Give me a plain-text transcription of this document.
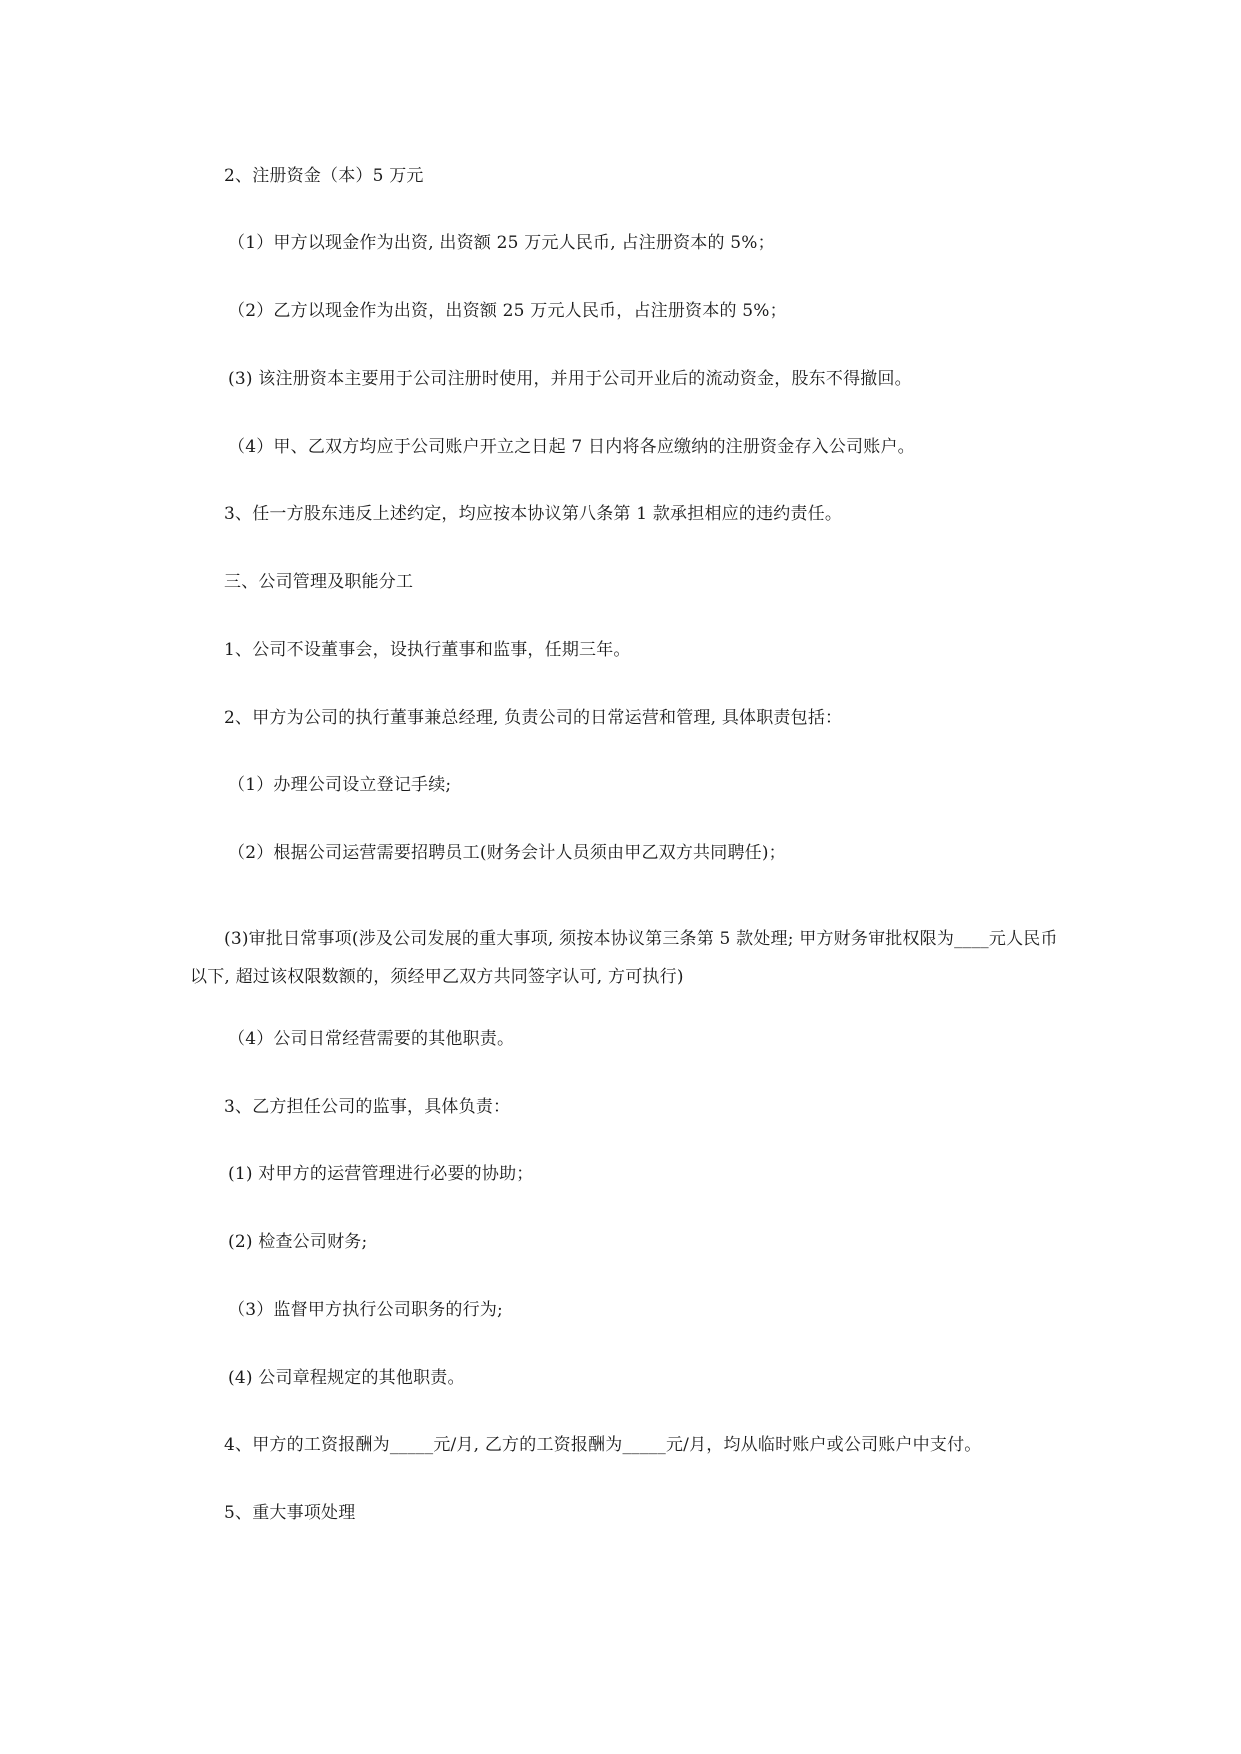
2、注册资金（本）5 万元

（1）甲方以现金作为出资, 出资额 25 万元人民币, 占注册资本的 5%；

（2）乙方以现金作为出资，出资额 25 万元人民币，占注册资本的 5%；

(3) 该注册资本主要用于公司注册时使用，并用于公司开业后的流动资金，股东不得撤回。

（4）甲、乙双方均应于公司账户开立之日起 7 日内将各应缴纳的注册资金存入公司账户。

3、任一方股东违反上述约定，均应按本协议第八条第 1 款承担相应的违约责任。

三、公司管理及职能分工

1、公司不设董事会，设执行董事和监事，任期三年。

2、甲方为公司的执行董事兼总经理, 负责公司的日常运营和管理, 具体职责包括：

（1）办理公司设立登记手续;

（2）根据公司运营需要招聘员工(财务会计人员须由甲乙双方共同聘任)；

(3)审批日常事项(涉及公司发展的重大事项, 须按本协议第三条第 5 款处理; 甲方财务审批权限为____元人民币以下, 超过该权限数额的，须经甲乙双方共同签字认可, 方可执行)

（4）公司日常经营需要的其他职责。

3、乙方担任公司的监事，具体负责：

(1) 对甲方的运营管理进行必要的协助；

(2) 检查公司财务;

（3）监督甲方执行公司职务的行为;

(4) 公司章程规定的其他职责。

4、甲方的工资报酬为_____元/月, 乙方的工资报酬为_____元/月，均从临时账户或公司账户中支付。

5、重大事项处理
